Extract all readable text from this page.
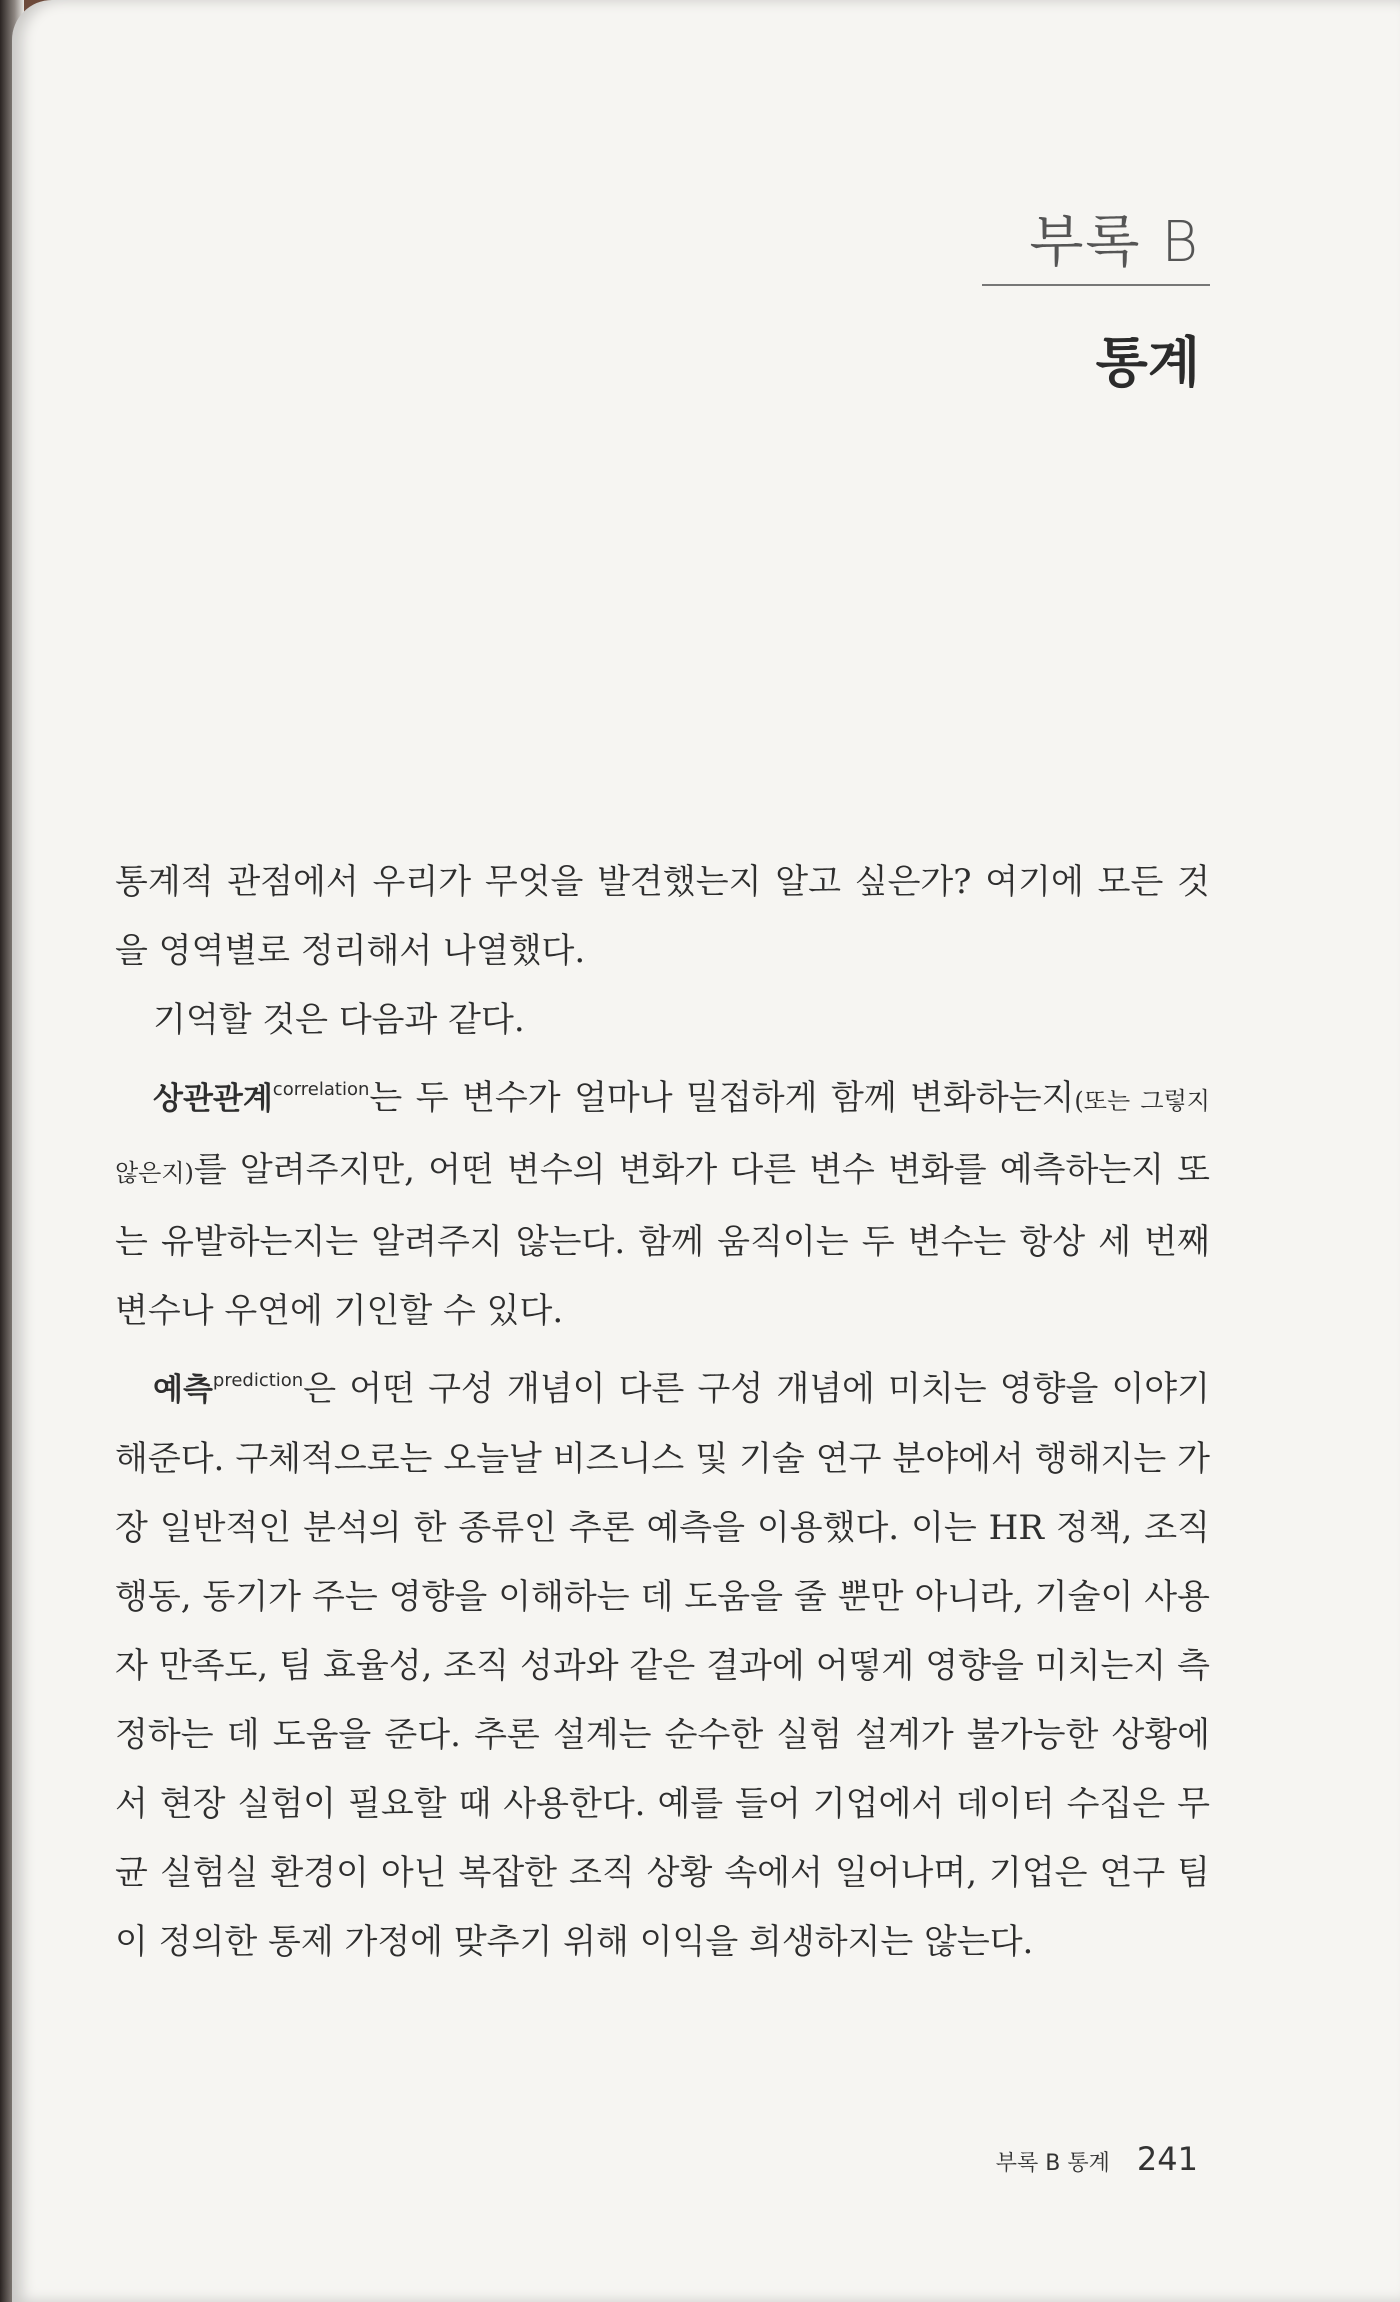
부록 B
통계

통계적 관점에서 우리가 무엇을 발견했는지 알고 싶은가? 여기에 모든 것을 영역별로 정리해서 나열했다.

기억할 것은 다음과 같다.

상관관계$^{correlation}$는 두 변수가 얼마나 밀접하게 함께 변화하는지(또는 그렇지 않은지)를 알려주지만, 어떤 변수의 변화가 다른 변수 변화를 예측하는지 또는 유발하는지는 알려주지 않는다. 함께 움직이는 두 변수는 항상 세 번째 변수나 우연에 기인할 수 있다.

예측$^{prediction}$은 어떤 구성 개념이 다른 구성 개념에 미치는 영향을 이야기해준다. 구체적으로는 오늘날 비즈니스 및 기술 연구 분야에서 행해지는 가장 일반적인 분석의 한 종류인 추론 예측을 이용했다. 이는 HR 정책, 조직 행동, 동기가 주는 영향을 이해하는 데 도움을 줄 뿐만 아니라, 기술이 사용자 만족도, 팀 효율성, 조직 성과와 같은 결과에 어떻게 영향을 미치는지 측정하는 데 도움을 준다. 추론 설계는 순수한 실험 설계가 불가능한 상황에서 현장 실험이 필요할 때 사용한다. 예를 들어 기업에서 데이터 수집은 무균 실험실 환경이 아닌 복잡한 조직 상황 속에서 일어나며, 기업은 연구 팀이 정의한 통제 가정에 맞추기 위해 이익을 희생하지는 않는다.

부록 B 통계 241
